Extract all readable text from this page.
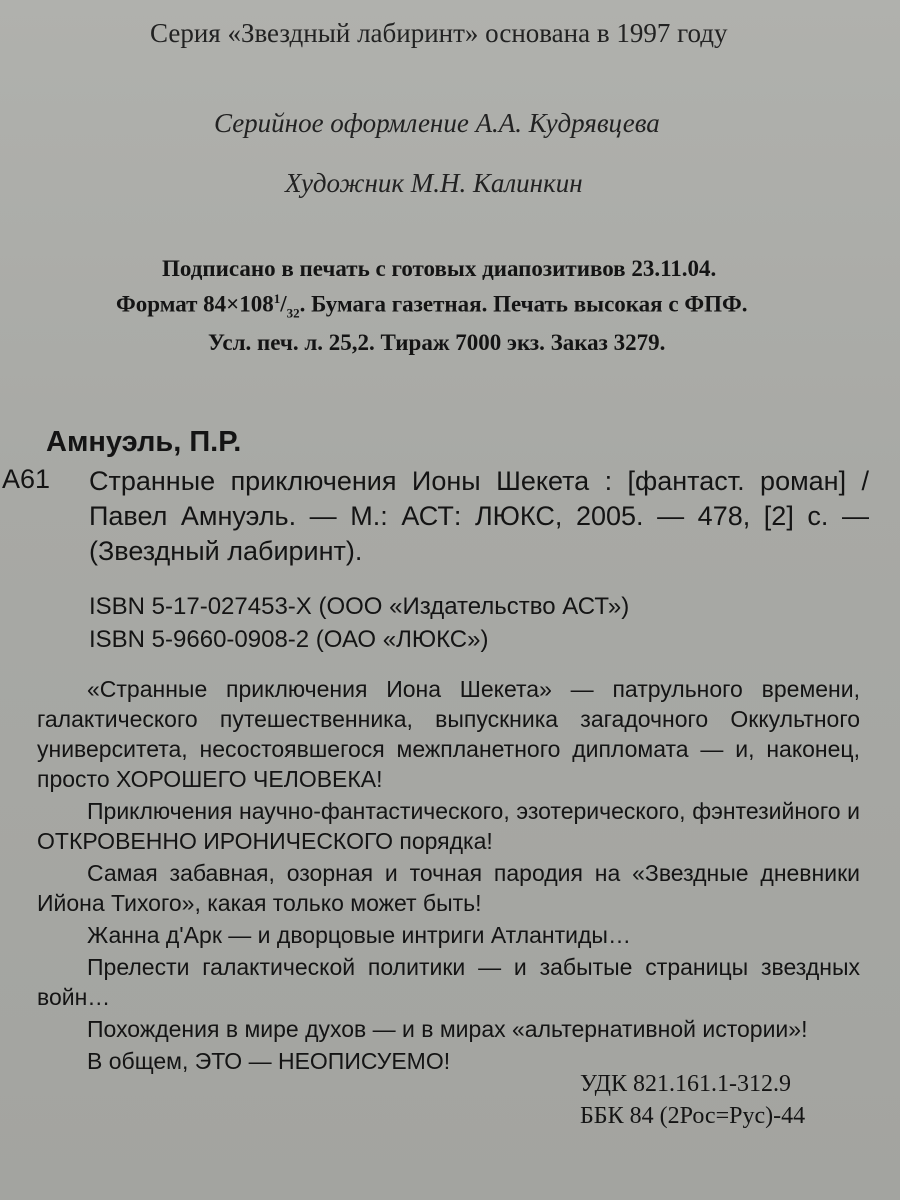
Серия «Звездный лабиринт» основана в 1997 году
Серийное оформление А.А. Кудрявцева
Художник М.Н. Калинкин
Подписано в печать с готовых диапозитивов 23.11.04.
Формат $84\times 108^1/_{32}$. Бумага газетная. Печать высокая с ФПФ.
Усл. печ. л. 25,2. Тираж 7000 экз. Заказ 3279.
Амнуэль, П.Р.
А61 Странные приключения Ионы Шекета : [фантаст. роман] / Павел Амнуэль. — М.: АСТ: ЛЮКС, 2005. — 478, [2] с. — (Звездный лабиринт).
ISBN 5-17-027453-X (ООО «Издательство АСТ»)
ISBN 5-9660-0908-2 (ОАО «ЛЮКС»)

«Странные приключения Иона Шекета» — патрульного времени, галактического путешественника, выпускника загадочного Оккультного университета, несостоявшегося межпланетного дипломата — и, наконец, просто ХОРОШЕГО ЧЕЛОВЕКА!

Приключения научно-фантастического, эзотерического, фэнтезийного и ОТКРОВЕННО ИРОНИЧЕСКОГО порядка!

Самая забавная, озорная и точная пародия на «Звездные дневники Ийона Тихого», какая только может быть!

Жанна д'Арк — и дворцовые интриги Атлантиды…

Прелести галактической политики — и забытые страницы звездных войн…

Похождения в мире духов — и в мирах «альтернативной истории»!

В общем, ЭТО — НЕОПИСУЕМО!

УДК 821.161.1-312.9
ББК 84 (2Рос=Рус)-44
